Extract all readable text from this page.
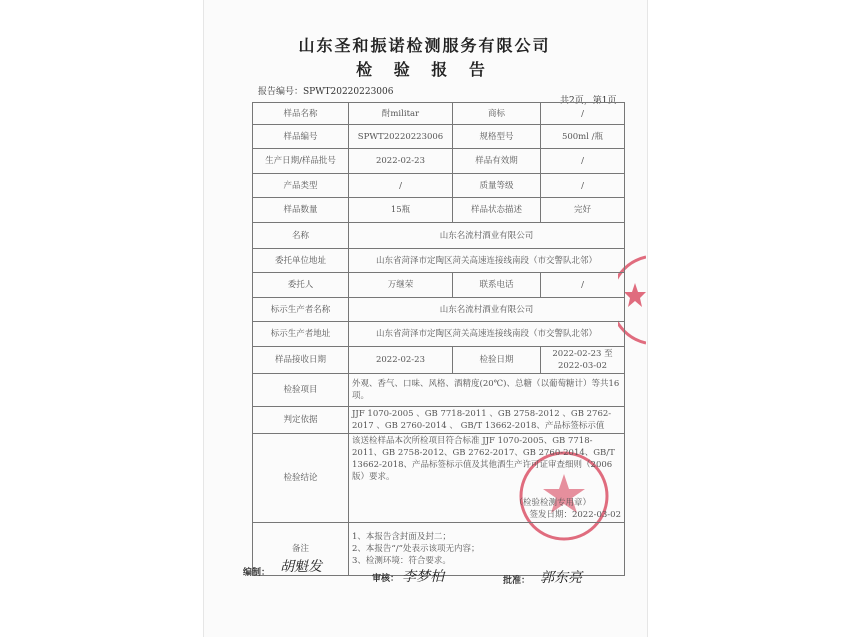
山东圣和振诺检测服务有限公司
检 验 报 告
报告编号：SPWT20220223006
共2页，第1页
样品名称	酎militar	商标	/
样品编号	SPWT20220223006	规格型号	500ml /瓶
生产日期/样品批号	2022-02-23	样品有效期	/
产品类型	/	质量等级	/
样品数量	15瓶	样品状态描述	完好
名称	山东名流村酒业有限公司		
委托单位地址	山东省菏泽市定陶区菏关高速连接线南段（市交警队北邻）		
委托人	万继荣	联系电话	/
标示生产者名称	山东名流村酒业有限公司		
标示生产者地址	山东省菏泽市定陶区菏关高速连接线南段（市交警队北邻）		
样品接收日期	2022-02-23	检验日期	2022-02-23 至 2022-03-02
检验项目	外观、香气、口味、风格、酒精度(20℃)、总糖（以葡萄糖计）等共16项。		
判定依据	JJF 1070-2005 、GB 7718-2011 、GB 2758-2012 、GB 2762-2017 、GB 2760-2014 、 GB/T 13662-2018、产品标签标示值		
检验结论	该送检样品本次所检项目符合标准 JJF 1070-2005、GB 7718-2011、GB 2758-2012、GB 2762-2017、GB 2760-2014、GB/T 13662-2018、产品标签标示值及其他酒生产许可证审查细则（2006版）要求。
（检验检测专用章）
签发日期：2022-03-02		

备注	1、本报告含封面及封二；
2、本报告“/”处表示该项无内容；
3、检测环境：符合要求。		
编制： 胡魁发
审核： 李梦柏	批准： 郭东亮
